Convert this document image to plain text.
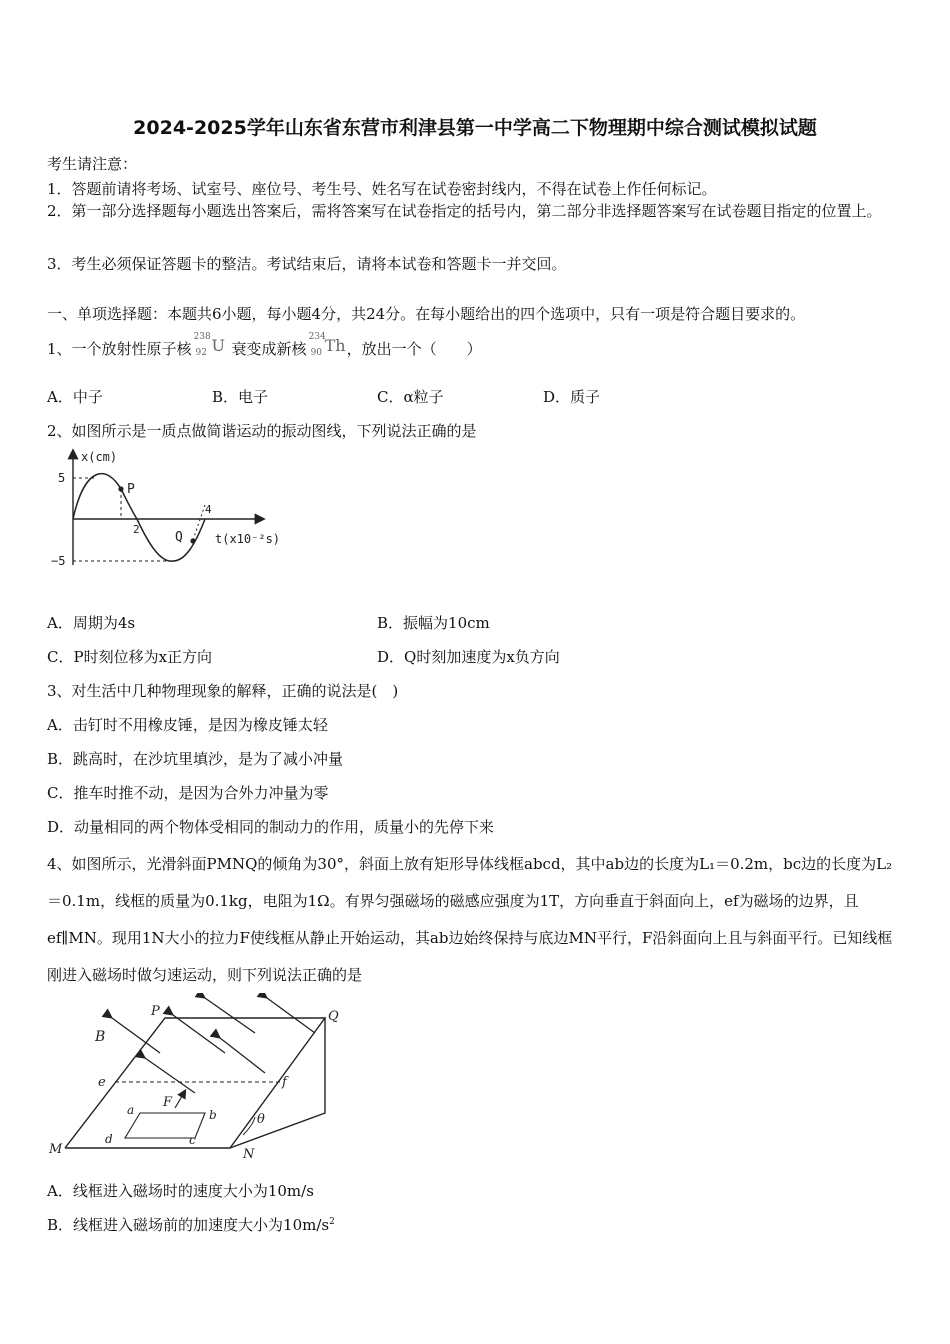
2024-2025学年山东省东营市利津县第一中学高二下物理期中综合测试模拟试题
考生请注意：
1．答题前请将考场、试室号、座位号、考生号、姓名写在试卷密封线内，不得在试卷上作任何标记。
2．第一部分选择题每小题选出答案后，需将答案写在试卷指定的括号内，第二部分非选择题答案写在试卷题目指定的位置上。
3．考生必须保证答题卡的整洁。考试结束后，请将本试卷和答题卡一并交回。
一、单项选择题：本题共6小题，每小题4分，共24分。在每小题给出的四个选项中，只有一项是符合题目要求的。
1、一个放射性原子核
238
92 U 衰变成新核
234
90 Th ，放出一个（　　）
A．中子	B．电子	C．α粒子	D．质子
2、如图所示是一质点做简谐运动的振动图线，下列说法正确的是
x(cm)
5
−5
P
Q
2
4
t(x10⁻²s)
A．周期为4s	B．振幅为10cm
C．P时刻位移为x正方向	D．Q时刻加速度为x负方向
3、对生活中几种物理现象的解释，正确的说法是(　)
A．击钉时不用橡皮锤，是因为橡皮锤太轻
B．跳高时，在沙坑里填沙，是为了减小冲量
C．推车时推不动，是因为合外力冲量为零
D．动量相同的两个物体受相同的制动力的作用，质量小的先停下来
4、如图所示，光滑斜面PMNQ的倾角为30°，斜面上放有矩形导体线框abcd，其中ab边的长度为L₁＝0.2m，bc边的长度为L₂＝0.1m，线框的质量为0.1kg，电阻为1Ω。有界匀强磁场的磁感应强度为1T，方向垂直于斜面向上，ef为磁场的边界，且ef∥MN。现用1N大小的拉力F使线框从静止开始运动，其ab边始终保持与底边MN平行，F沿斜面向上且与斜面平行。已知线框刚进入磁场时做匀速运动，则下列说法正确的是
B
P	Q
e	f
F
a	b
c
d
M	N
θ
A．线框进入磁场时的速度大小为10m/s
B．线框进入磁场前的加速度大小为$10m/s^2$
